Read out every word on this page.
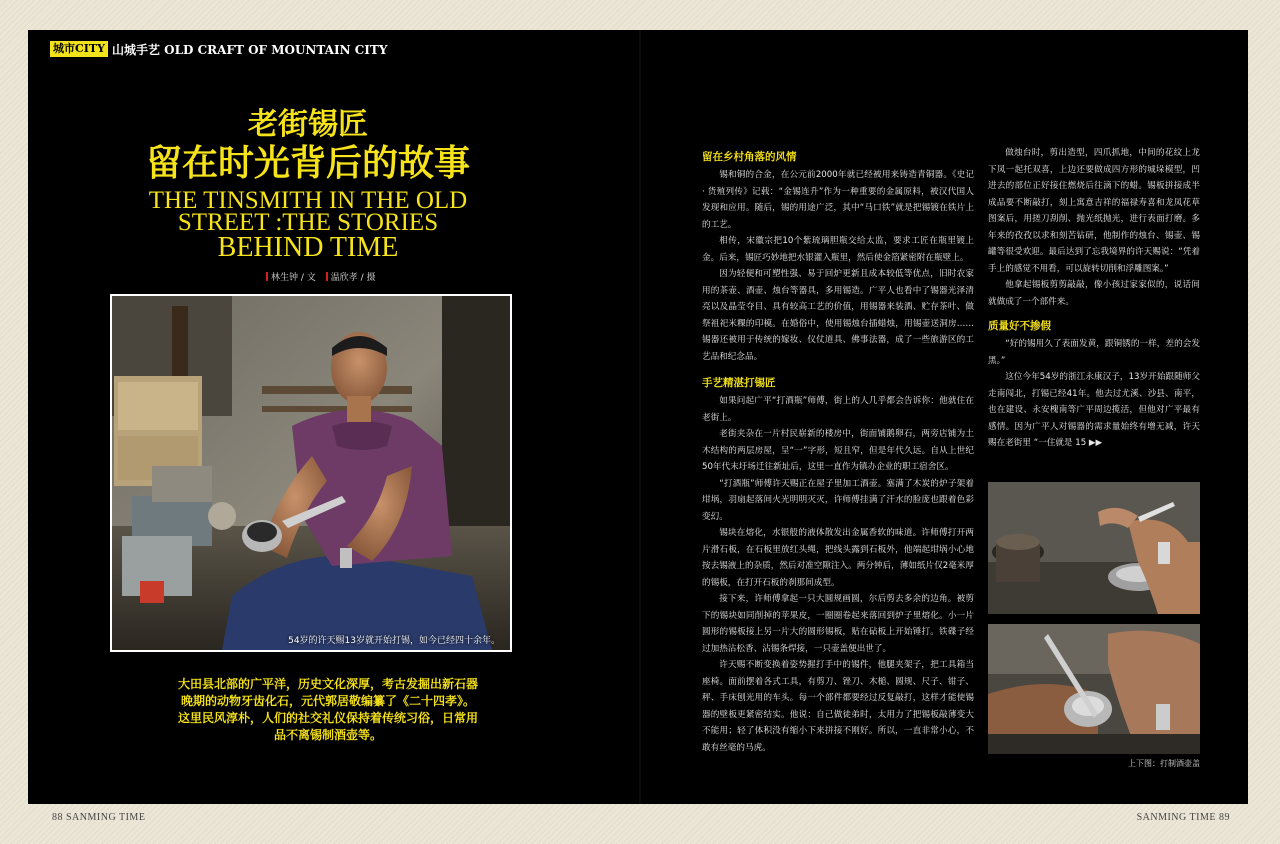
城市CITY 山城手艺 OLD CRAFT OF MOUNTAIN CITY
老街锡匠
留在时光背后的故事
THE TINSMITH IN THE OLD
STREET :THE STORIES
BEHIND TIME
林生钟 / 文	温欣孝 / 摄
54岁的许天赐13岁就开始打锡，如今已经四十余年。
大田县北部的广平洋，历史文化深厚，考古发掘出新石器晚期的动物牙齿化石，元代郭居敬编纂了《二十四孝》。这里民风淳朴，人们的社交礼仪保持着传统习俗，日常用品不离锡制酒壶等。
留在乡村角落的风情

锡和铜的合金，在公元前2000年就已经被用来铸造青铜器。《史记 · 货殖列传》记载：“金锡连升”作为一种重要的金属原料，被汉代国人发现和应用。随后，锡的用途广泛，其中“马口铁”就是把锡镀在铁片上的工艺。

相传，宋徽宗把10个紫琉璃胆瓶交给太监，要求工匠在瓶里镀上金。后来，锡匠巧妙地把水银灌入瓶里，然后使金箔紧密附在瓶壁上。

因为轻便和可塑性强、易于回炉更新且成本较低等优点，旧时农家用的茶壶、酒壶、烛台等器具，多用锡造。广平人也看中了锡器光泽清亮以及晶莹夺目、具有较高工艺的价值，用锡器来装酒、贮存茶叶、做祭祖祀米粿的印模。在婚俗中，使用锡烛台插蜡烛，用锡壶送洞房……锡器还被用于传统的嫁妆、仪仗道具、佛事法器，成了一些旅游区的工艺品和纪念品。

手艺精湛打锡匠

如果问起广平“打酒瓶”师傅，街上的人几乎都会告诉你：他就住在老街上。

老街夹杂在一片村民崭新的楼房中，街面铺鹅卵石，两旁店铺为土木结构的两层房屋，呈“一”字形，短且窄，但是年代久远。自从上世纪50年代末圩场迁往新址后，这里一直作为镇办企业的职工宿舍区。

“打酒瓶”师傅许天赐正在屋子里加工酒壶。塞满了木炭的炉子架着坩埚，羽扇起落间火光明明灭灭，许师傅挂满了汗水的脸庞也跟着色彩变幻。

锡块在熔化，水银般的液体散发出金属香软的味道。许师傅打开两片滑石板，在石板里放红头绳，把线头露到石板外，他端起坩埚小心地按去锡液上的杂质，然后对准空隙注入。两分钟后，薄如纸片仅2毫米厚的锡板，在打开石板的刹那间成型。

接下来，许师傅拿起一只大圆规画圆，尔后剪去多余的边角。被剪下的锡块如同削掉的苹果皮，一圈圈卷起来落回到炉子里熔化。小一片圆形的锡板接上另一片大的圆形锡板，贴在砧板上开始锤打。铁碟子经过加热沾松香、沾锡条焊接，一只壶盖便出世了。

许天赐不断变换着姿势握打手中的锡件，他腿夹架子，把工具箱当座椅。面前摆着各式工具，有剪刀、锉刀、木槌、圆规、尺子、钳子、秤、手床刨光用的车头。每一个部件都要经过反复敲打，这样才能使锡器的壁板更紧密结实。他说：自己做徒弟时，太用力了把锡板敲薄变大不能用；轻了体积没有缩小下来拼接不刚好。所以，一直非常小心，不敢有丝毫的马虎。

做烛台时，剪出造型，四爪抓地，中间的花纹上龙下凤一起托双喜，上边还要做成四方形的城垛模型，凹进去的部位正好接住燃烧后往滴下的蜡。锡板拼接成半成品要不断敲打，刻上寓意吉祥的福禄寿喜和龙凤花草图案后，用搓刀刮削、抛光纸抛光，进行表面打磨。多年来的孜孜以求和刻苦钻研，他制作的烛台、锡壶、锡罐等很受欢迎。最后达到了忘我境界的许天赐说：“凭着手上的感觉不用看，可以旋转切削和浮雕图案。”

他拿起锡板剪剪敲敲，像小孩过家家似的，说话间就做成了一个部件来。

质量好不掺假

“好的锡用久了表面发黄，跟铜锈的一样，差的会发黑。”

这位今年54岁的浙江永康汉子，13岁开始跟随师父走南闯北，打锡已经41年。他去过尤溪、沙县、南平，也在建设、永安槐南等广平周边揽活，但他对广平最有感情。因为广平人对锡器的需求量始终有增无减，许天赐在老街里 “一住就是 15 ▶▶

上下图：打制酒壶盖
88 SANMING TIME	SANMING TIME 89
